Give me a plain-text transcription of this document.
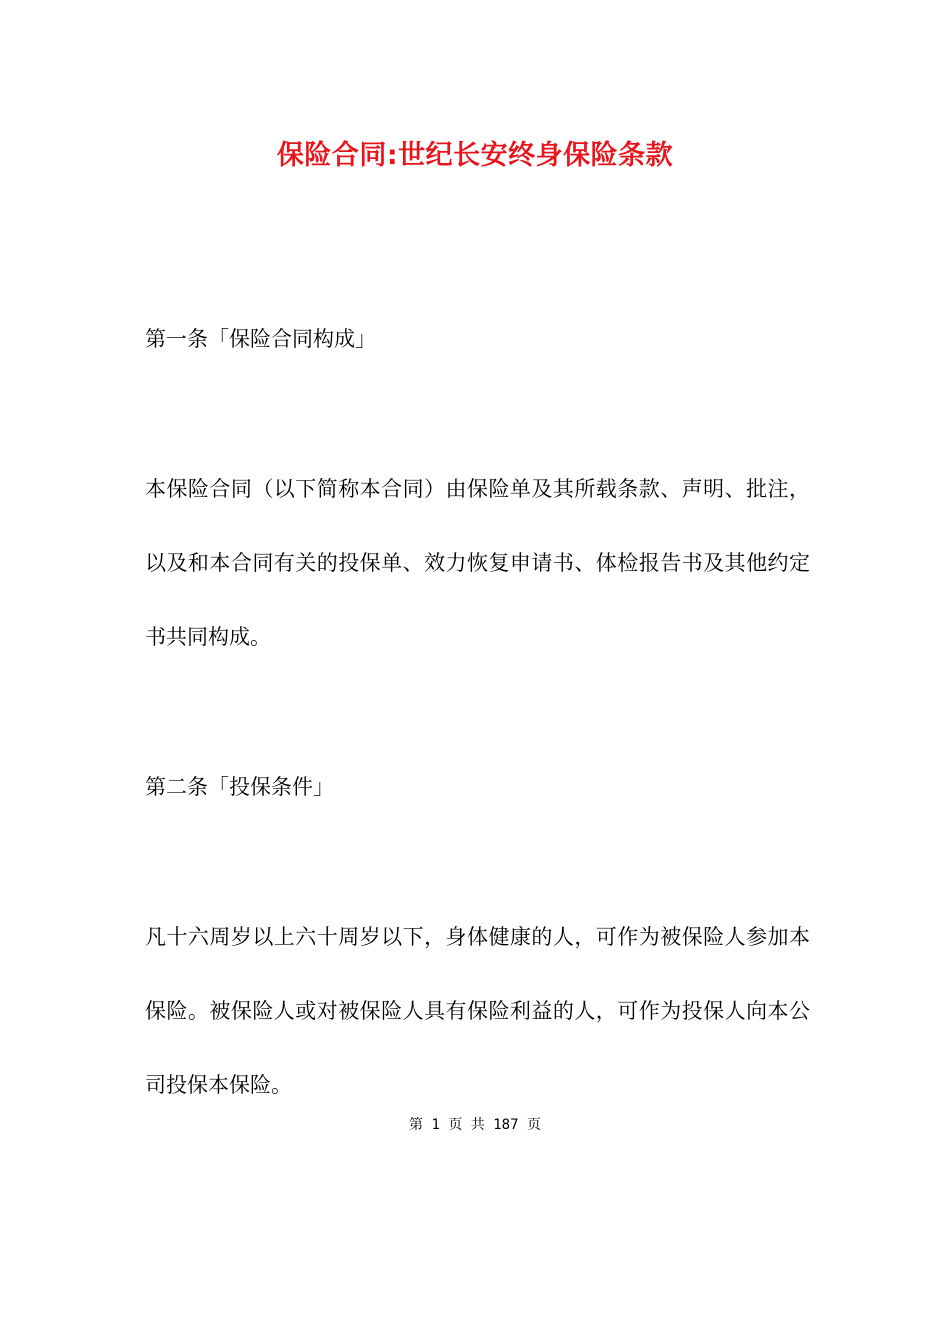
保险合同:世纪长安终身保险条款
第一条「保险合同构成」
本保险合同（以下简称本合同）由保险单及其所载条款、声明、批注，以及和本合同有关的投保单、效力恢复申请书、体检报告书及其他约定书共同构成。
第二条「投保条件」
凡十六周岁以上六十周岁以下，身体健康的人，可作为被保险人参加本保险。被保险人或对被保险人具有保险利益的人，可作为投保人向本公司投保本保险。
第 1 页 共 187 页
